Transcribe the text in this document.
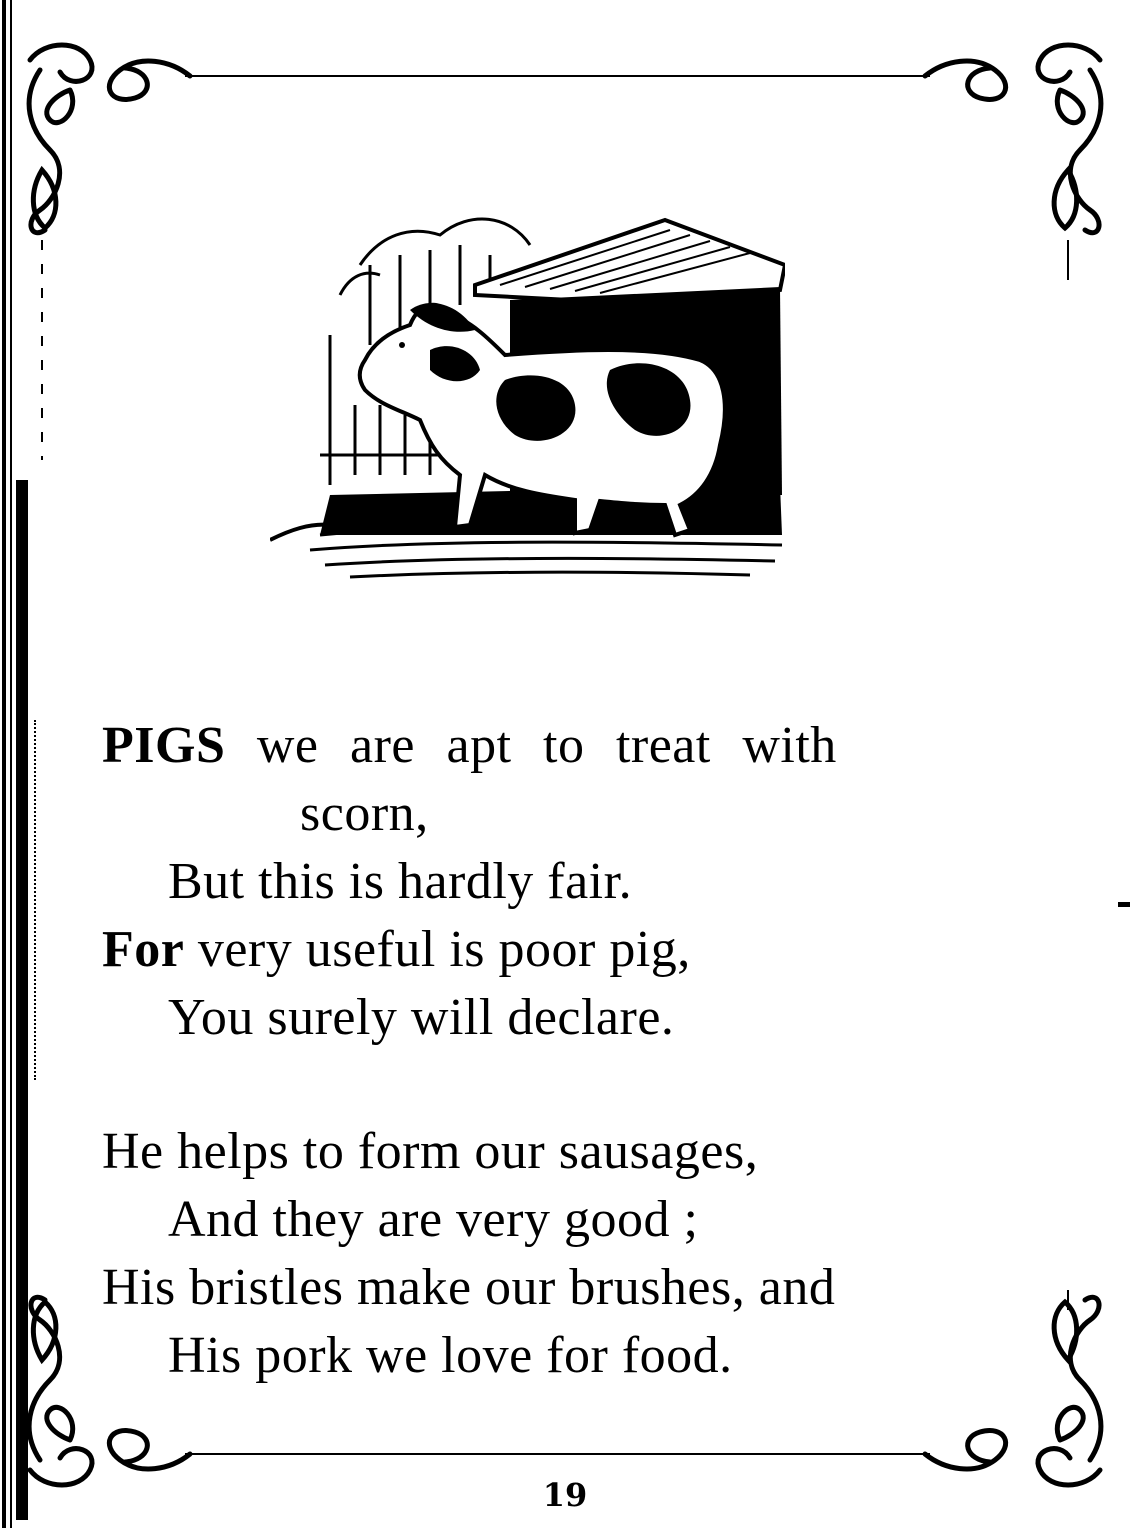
PIGS we are apt to treat with
scorn,
But this is hardly fair.
For very useful is poor pig,
You surely will declare.
He helps to form our sausages,
And they are very good ;
His bristles make our brushes, and
His pork we love for food.
19
